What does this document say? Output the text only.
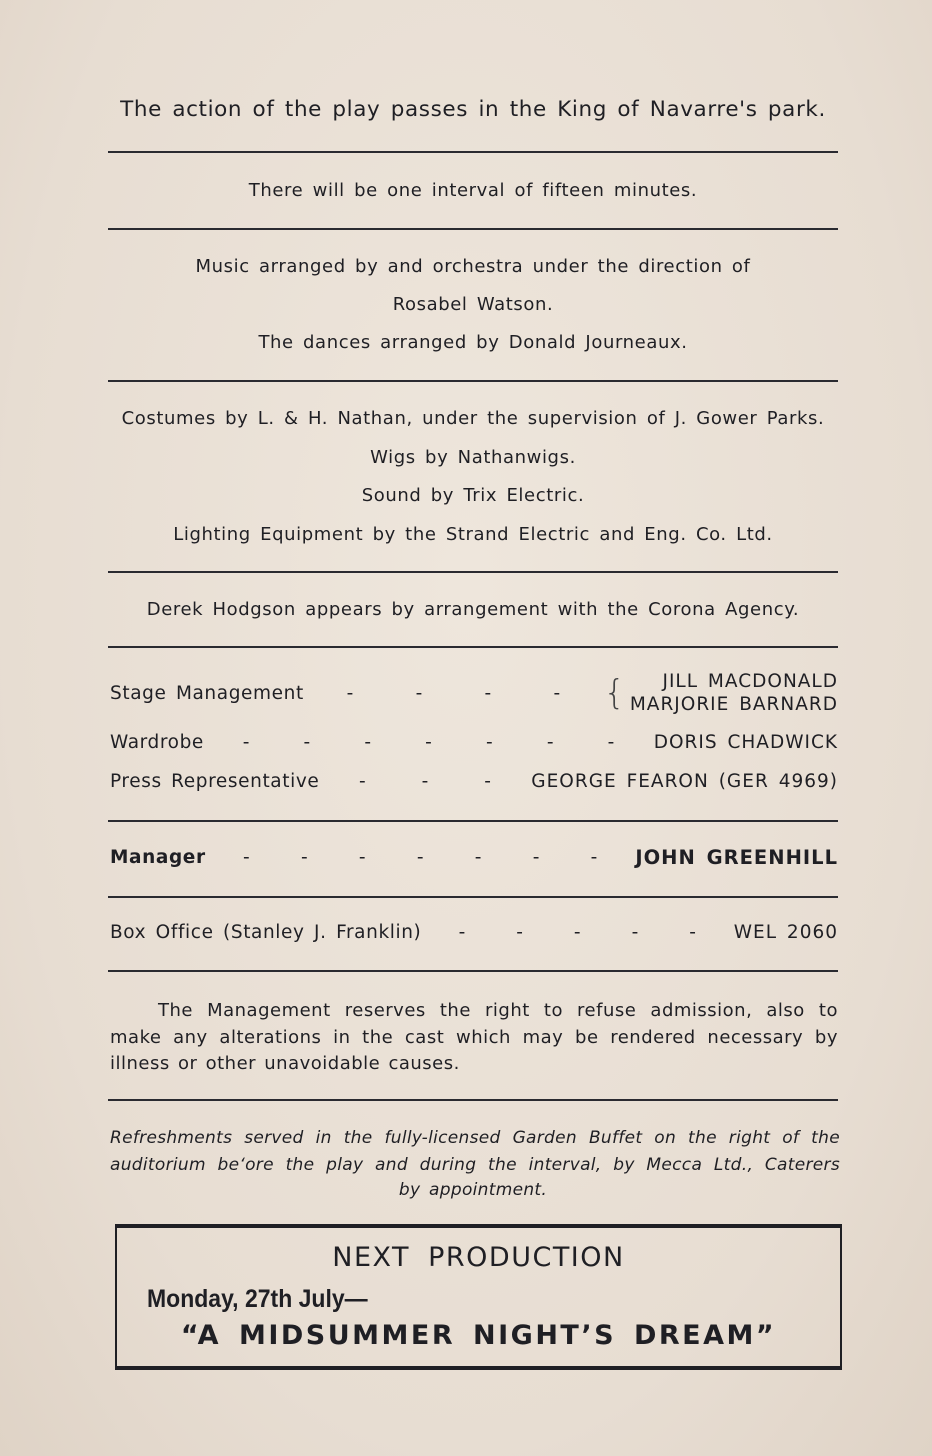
The action of the play passes in the King of Navarre's park.
There will be one interval of fifteen minutes.
Music arranged by and orchestra under the direction of
Rosabel Watson.
The dances arranged by Donald Journeaux.
Costumes by L. & H. Nathan, under the supervision of J. Gower Parks.
Wigs by Nathanwigs.
Sound by Trix Electric.
Lighting Equipment by the Strand Electric and Eng. Co. Ltd.
Derek Hodgson appears by arrangement with the Corona Agency.
Stage Management -	-	-	- {	JILL MACDONALD
MARJORIE BARNARD
Wardrobe -	-	-	-	-	-	- DORIS CHADWICK
Press Representative -	-	- GEORGE FEARON (GER 4969)
Manager -	-	-	-	-	-	- JOHN GREENHILL
Box Office (Stanley J. Franklin) -	-	-	-	- WEL 2060
The Management reserves the right to refuse admission, also to make any alterations in the cast which may be rendered necessary by illness or other unavoidable causes.
Refreshments served in the fully-licensed Garden Buffet on the right of the auditorium beʻore the play and during the interval, by Mecca Ltd., Caterers
by appointment.
NEXT PRODUCTION
Monday, 27th July—
“A MIDSUMMER NIGHT’S DREAM”
